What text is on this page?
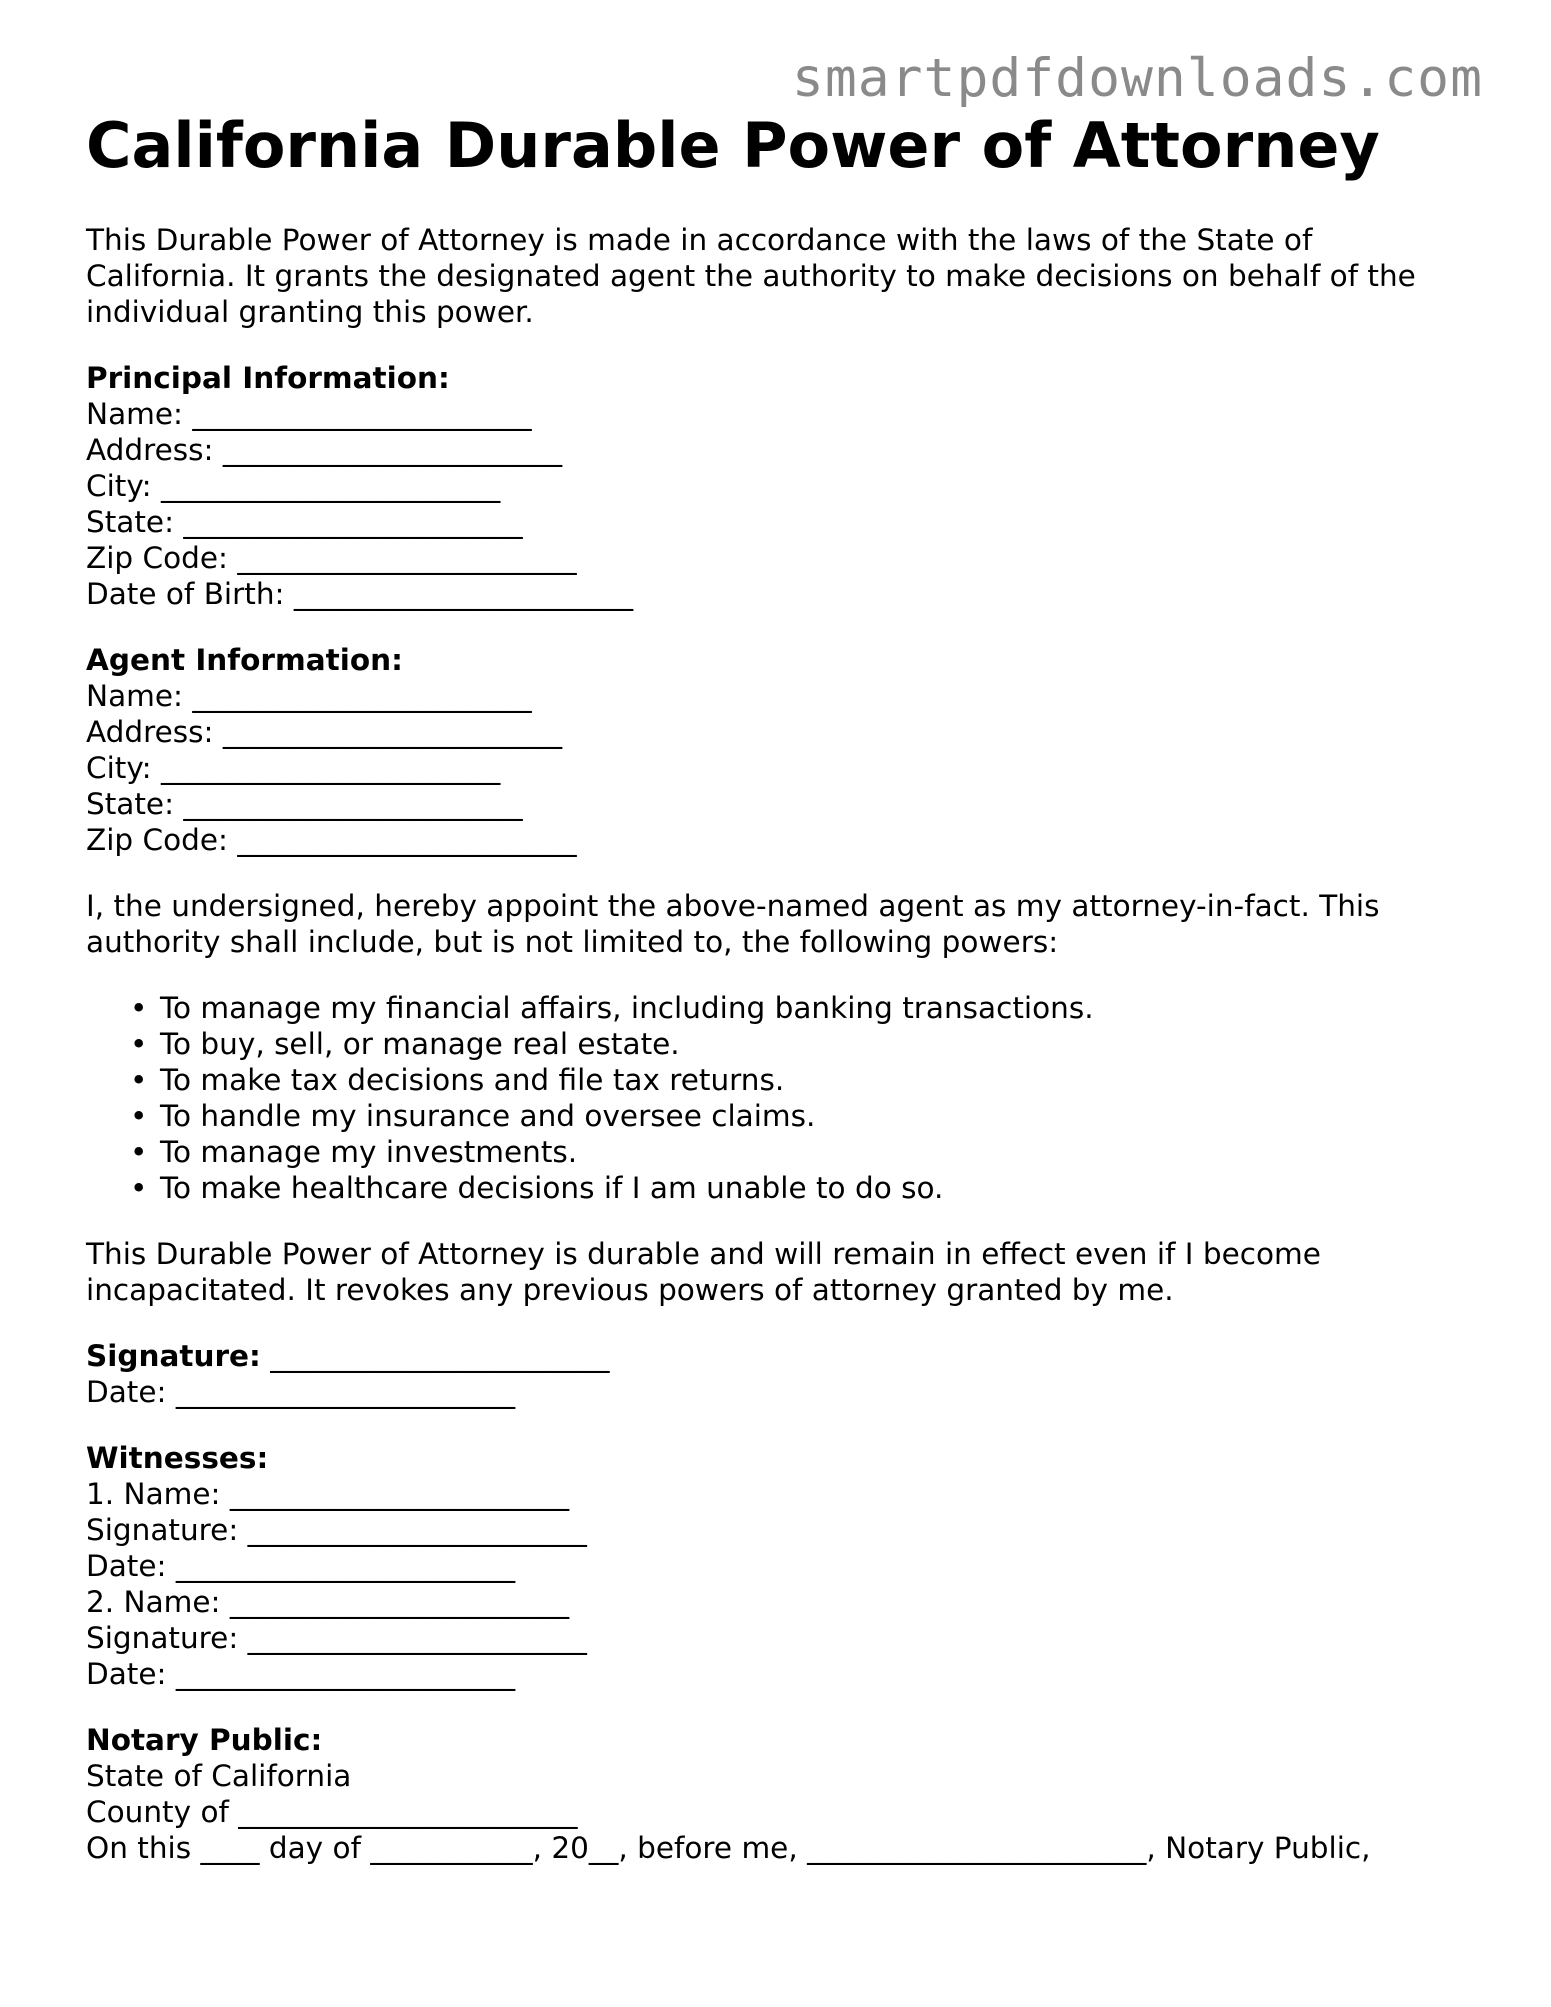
smartpdfdownloads.com
California Durable Power of Attorney
This Durable Power of Attorney is made in accordance with the laws of the State of
California. It grants the designated agent the authority to make decisions on behalf of the
individual granting this power.
Principal Information:
Name: _______________________
Address: _______________________
City: _______________________
State: _______________________
Zip Code: _______________________
Date of Birth: _______________________
Agent Information:
Name: _______________________
Address: _______________________
City: _______________________
State: _______________________
Zip Code: _______________________
I, the undersigned, hereby appoint the above-named agent as my attorney-in-fact. This
authority shall include, but is not limited to, the following powers:
• To manage my financial affairs, including banking transactions.
• To buy, sell, or manage real estate.
• To make tax decisions and file tax returns.
• To handle my insurance and oversee claims.
• To manage my investments.
• To make healthcare decisions if I am unable to do so.
This Durable Power of Attorney is durable and will remain in effect even if I become
incapacitated. It revokes any previous powers of attorney granted by me.
Signature: _______________________
Date: _______________________
Witnesses:
1. Name: _______________________
Signature: _______________________
Date: _______________________
2. Name: _______________________
Signature: _______________________
Date: _______________________
Notary Public:
State of California
County of _______________________
On this ____ day of ___________, 20__, before me, _______________________, Notary Public,
